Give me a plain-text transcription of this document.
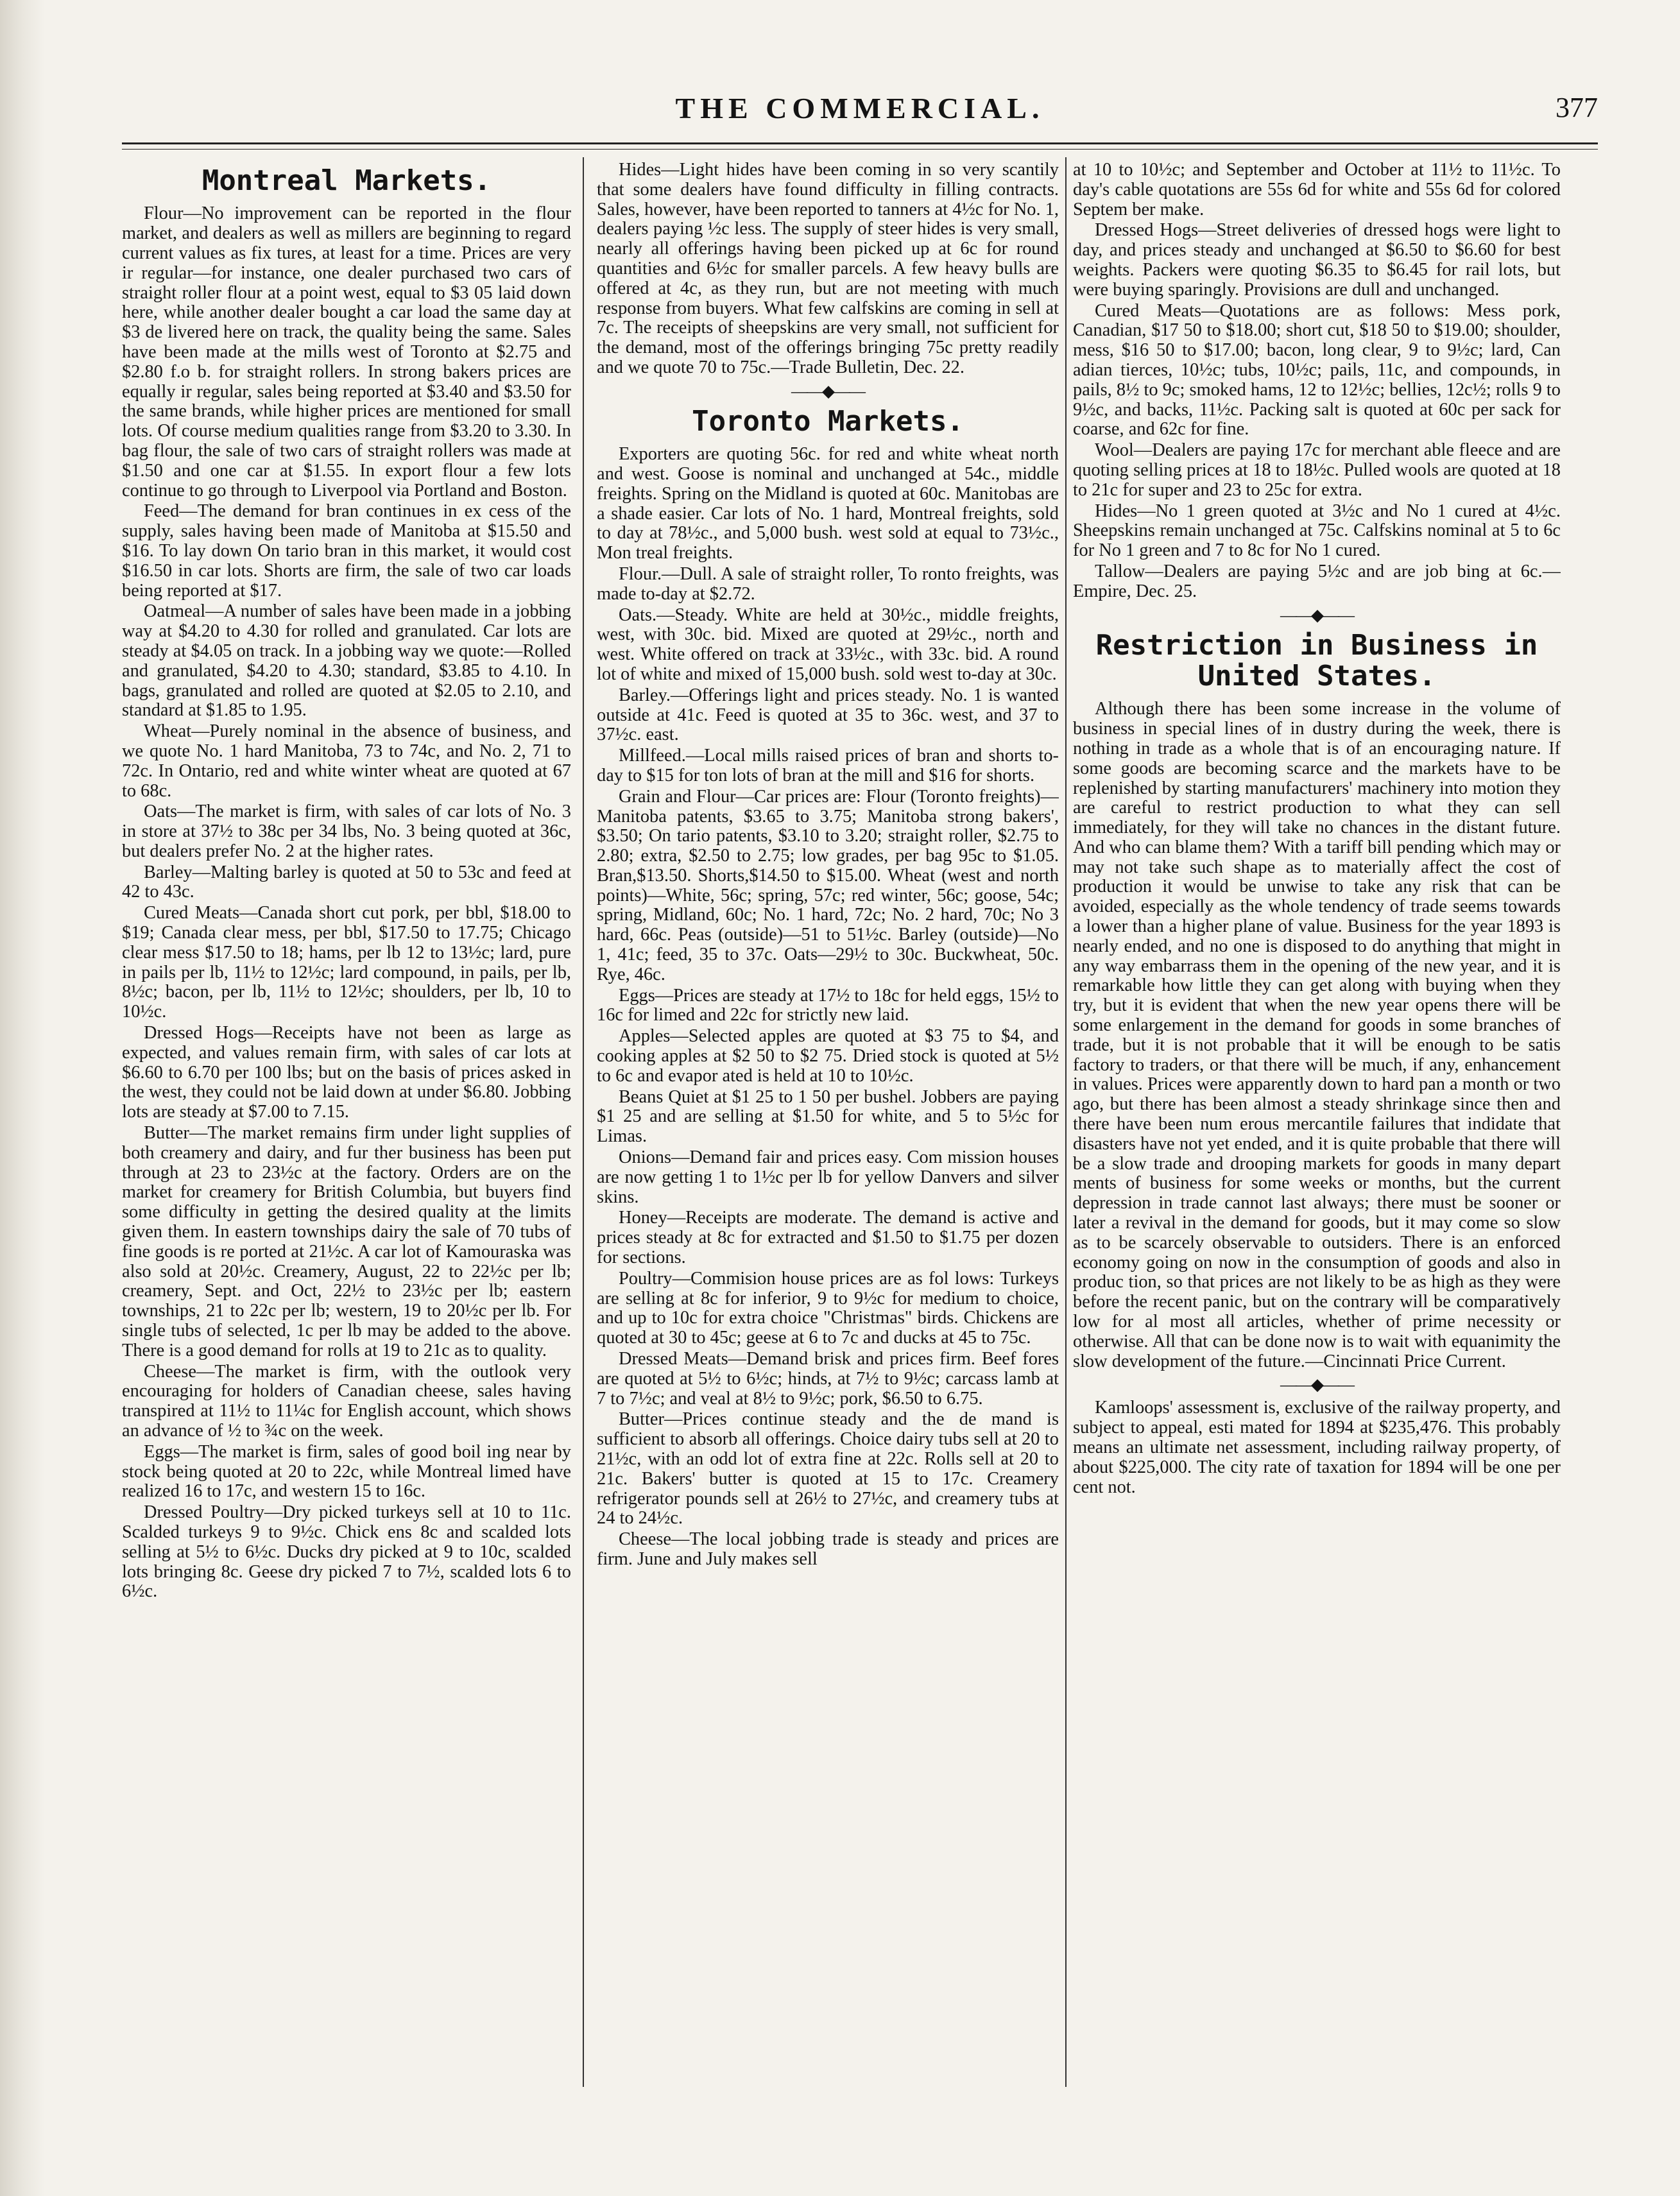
THE COMMERCIAL.	377
Montreal Markets.

Flour—No improvement can be reported in the flour market, and dealers as well as millers are beginning to regard current values as fix tures, at least for a time. Prices are very ir regular—for instance, one dealer purchased two cars of straight roller flour at a point west, equal to $3 05 laid down here, while another dealer bought a car load the same day at $3 de livered here on track, the quality being the same. Sales have been made at the mills west of Toronto at $2.75 and $2.80 f.o b. for straight rollers. In strong bakers prices are equally ir regular, sales being reported at $3.40 and $3.50 for the same brands, while higher prices are mentioned for small lots. Of course medium qualities range from $3.20 to 3.30. In bag flour, the sale of two cars of straight rollers was made at $1.50 and one car at $1.55. In export flour a few lots continue to go through to Liverpool via Portland and Boston.

Feed—The demand for bran continues in ex cess of the supply, sales having been made of Manitoba at $15.50 and $16. To lay down On tario bran in this market, it would cost $16.50 in car lots. Shorts are firm, the sale of two car loads being reported at $17.

Oatmeal—A number of sales have been made in a jobbing way at $4.20 to 4.30 for rolled and granulated. Car lots are steady at $4.05 on track. In a jobbing way we quote:—Rolled and granulated, $4.20 to 4.30; standard, $3.85 to 4.10. In bags, granulated and rolled are quoted at $2.05 to 2.10, and standard at $1.85 to 1.95.

Wheat—Purely nominal in the absence of business, and we quote No. 1 hard Manitoba, 73 to 74c, and No. 2, 71 to 72c. In Ontario, red and white winter wheat are quoted at 67 to 68c.

Oats—The market is firm, with sales of car lots of No. 3 in store at 37½ to 38c per 34 lbs, No. 3 being quoted at 36c, but dealers prefer No. 2 at the higher rates.

Barley—Malting barley is quoted at 50 to 53c and feed at 42 to 43c.

Cured Meats—Canada short cut pork, per bbl, $18.00 to $19; Canada clear mess, per bbl, $17.50 to 17.75; Chicago clear mess $17.50 to 18; hams, per lb 12 to 13½c; lard, pure in pails per lb, 11½ to 12½c; lard compound, in pails, per lb, 8½c; bacon, per lb, 11½ to 12½c; shoulders, per lb, 10 to 10½c.

Dressed Hogs—Receipts have not been as large as expected, and values remain firm, with sales of car lots at $6.60 to 6.70 per 100 lbs; but on the basis of prices asked in the west, they could not be laid down at under $6.80. Jobbing lots are steady at $7.00 to 7.15.

Butter—The market remains firm under light supplies of both creamery and dairy, and fur ther business has been put through at 23 to 23½c at the factory. Orders are on the market for creamery for British Columbia, but buyers find some difficulty in getting the desired quality at the limits given them. In eastern townships dairy the sale of 70 tubs of fine goods is re ported at 21½c. A car lot of Kamouraska was also sold at 20½c. Creamery, August, 22 to 22½c per lb; creamery, Sept. and Oct, 22½ to 23½c per lb; eastern townships, 21 to 22c per lb; western, 19 to 20½c per lb. For single tubs of selected, 1c per lb may be added to the above. There is a good demand for rolls at 19 to 21c as to quality.

Cheese—The market is firm, with the outlook very encouraging for holders of Canadian cheese, sales having transpired at 11½ to 11¼c for English account, which shows an advance of ½ to ¾c on the week.

Eggs—The market is firm, sales of good boil ing near by stock being quoted at 20 to 22c, while Montreal limed have realized 16 to 17c, and western 15 to 16c.

Dressed Poultry—Dry picked turkeys sell at 10 to 11c. Scalded turkeys 9 to 9½c. Chick ens 8c and scalded lots selling at 5½ to 6½c. Ducks dry picked at 9 to 10c, scalded lots bringing 8c. Geese dry picked 7 to 7½, scalded lots 6 to 6½c.

Hides—Light hides have been coming in so very scantily that some dealers have found difficulty in filling contracts. Sales, however, have been reported to tanners at 4½c for No. 1, dealers paying ½c less. The supply of steer hides is very small, nearly all offerings having been picked up at 6c for round quantities and 6½c for smaller parcels. A few heavy bulls are offered at 4c, as they run, but are not meeting with much response from buyers. What few calfskins are coming in sell at 7c. The receipts of sheepskins are very small, not sufficient for the demand, most of the offerings bringing 75c pretty readily and we quote 70 to 75c.—Trade Bulletin, Dec. 22.

——◆——
Toronto Markets.

Exporters are quoting 56c. for red and white wheat north and west. Goose is nominal and unchanged at 54c., middle freights. Spring on the Midland is quoted at 60c. Manitobas are a shade easier. Car lots of No. 1 hard, Montreal freights, sold to day at 78½c., and 5,000 bush. west sold at equal to 73½c., Mon treal freights.

Flour.—Dull. A sale of straight roller, To ronto freights, was made to-day at $2.72.

Oats.—Steady. White are held at 30½c., middle freights, west, with 30c. bid. Mixed are quoted at 29½c., north and west. White offered on track at 33½c., with 33c. bid. A round lot of white and mixed of 15,000 bush. sold west to-day at 30c.

Barley.—Offerings light and prices steady. No. 1 is wanted outside at 41c. Feed is quoted at 35 to 36c. west, and 37 to 37½c. east.

Millfeed.—Local mills raised prices of bran and shorts to-day to $15 for ton lots of bran at the mill and $16 for shorts.

Grain and Flour—Car prices are: Flour (Toronto freights)—Manitoba patents, $3.65 to 3.75; Manitoba strong bakers', $3.50; On tario patents, $3.10 to 3.20; straight roller, $2.75 to 2.80; extra, $2.50 to 2.75; low grades, per bag 95c to $1.05. Bran,$13.50. Shorts,$14.50 to $15.00. Wheat (west and north points)—White, 56c; spring, 57c; red winter, 56c; goose, 54c; spring, Midland, 60c; No. 1 hard, 72c; No. 2 hard, 70c; No 3 hard, 66c. Peas (outside)—51 to 51½c. Barley (outside)—No 1, 41c; feed, 35 to 37c. Oats—29½ to 30c. Buckwheat, 50c. Rye, 46c.

Eggs—Prices are steady at 17½ to 18c for held eggs, 15½ to 16c for limed and 22c for strictly new laid.

Apples—Selected apples are quoted at $3 75 to $4, and cooking apples at $2 50 to $2 75. Dried stock is quoted at 5½ to 6c and evapor ated is held at 10 to 10½c.

Beans Quiet at $1 25 to 1 50 per bushel. Jobbers are paying $1 25 and are selling at $1.50 for white, and 5 to 5½c for Limas.

Onions—Demand fair and prices easy. Com mission houses are now getting 1 to 1½c per lb for yellow Danvers and silver skins.

Honey—Receipts are moderate. The demand is active and prices steady at 8c for extracted and $1.50 to $1.75 per dozen for sections.

Poultry—Commision house prices are as fol lows: Turkeys are selling at 8c for inferior, 9 to 9½c for medium to choice, and up to 10c for extra choice "Christmas" birds. Chickens are quoted at 30 to 45c; geese at 6 to 7c and ducks at 45 to 75c.

Dressed Meats—Demand brisk and prices firm. Beef fores are quoted at 5½ to 6½c; hinds, at 7½ to 9½c; carcass lamb at 7 to 7½c; and veal at 8½ to 9½c; pork, $6.50 to 6.75.

Butter—Prices continue steady and the de mand is sufficient to absorb all offerings. Choice dairy tubs sell at 20 to 21½c, with an odd lot of extra fine at 22c. Rolls sell at 20 to 21c. Bakers' butter is quoted at 15 to 17c. Creamery refrigerator pounds sell at 26½ to 27½c, and creamery tubs at 24 to 24½c.

Cheese—The local jobbing trade is steady and prices are firm. June and July makes sell

at 10 to 10½c; and September and October at 11½ to 11½c. To day's cable quotations are 55s 6d for white and 55s 6d for colored Septem ber make.

Dressed Hogs—Street deliveries of dressed hogs were light to day, and prices steady and unchanged at $6.50 to $6.60 for best weights. Packers were quoting $6.35 to $6.45 for rail lots, but were buying sparingly. Provisions are dull and unchanged.

Cured Meats—Quotations are as follows: Mess pork, Canadian, $17 50 to $18.00; short cut, $18 50 to $19.00; shoulder, mess, $16 50 to $17.00; bacon, long clear, 9 to 9½c; lard, Can adian tierces, 10½c; tubs, 10½c; pails, 11c, and compounds, in pails, 8½ to 9c; smoked hams, 12 to 12½c; bellies, 12c½; rolls 9 to 9½c, and backs, 11½c. Packing salt is quoted at 60c per sack for coarse, and 62c for fine.

Wool—Dealers are paying 17c for merchant able fleece and are quoting selling prices at 18 to 18½c. Pulled wools are quoted at 18 to 21c for super and 23 to 25c for extra.

Hides—No 1 green quoted at 3½c and No 1 cured at 4½c. Sheepskins remain unchanged at 75c. Calfskins nominal at 5 to 6c for No 1 green and 7 to 8c for No 1 cured.

Tallow—Dealers are paying 5½c and are job bing at 6c.—Empire, Dec. 25.

——◆——
Restriction in Business in United States.

Although there has been some increase in the volume of business in special lines of in dustry during the week, there is nothing in trade as a whole that is of an encouraging nature. If some goods are becoming scarce and the markets have to be replenished by starting manufacturers' machinery into motion they are careful to restrict production to what they can sell immediately, for they will take no chances in the distant future. And who can blame them? With a tariff bill pending which may or may not take such shape as to materially affect the cost of production it would be unwise to take any risk that can be avoided, especially as the whole tendency of trade seems towards a lower than a higher plane of value. Business for the year 1893 is nearly ended, and no one is disposed to do anything that might in any way embarrass them in the opening of the new year, and it is remarkable how little they can get along with buying when they try, but it is evident that when the new year opens there will be some enlargement in the demand for goods in some branches of trade, but it is not probable that it will be enough to be satis factory to traders, or that there will be much, if any, enhancement in values. Prices were apparently down to hard pan a month or two ago, but there has been almost a steady shrinkage since then and there have been num erous mercantile failures that indidate that disasters have not yet ended, and it is quite probable that there will be a slow trade and drooping markets for goods in many depart ments of business for some weeks or months, but the current depression in trade cannot last always; there must be sooner or later a revival in the demand for goods, but it may come so slow as to be scarcely observable to outsiders. There is an enforced economy going on now in the consumption of goods and also in produc tion, so that prices are not likely to be as high as they were before the recent panic, but on the contrary will be comparatively low for al most all articles, whether of prime necessity or otherwise. All that can be done now is to wait with equanimity the slow development of the future.—Cincinnati Price Current.

——◆——

Kamloops' assessment is, exclusive of the railway property, and subject to appeal, esti mated for 1894 at $235,476. This probably means an ultimate net assessment, including railway property, of about $225,000. The city rate of taxation for 1894 will be one per cent not.
